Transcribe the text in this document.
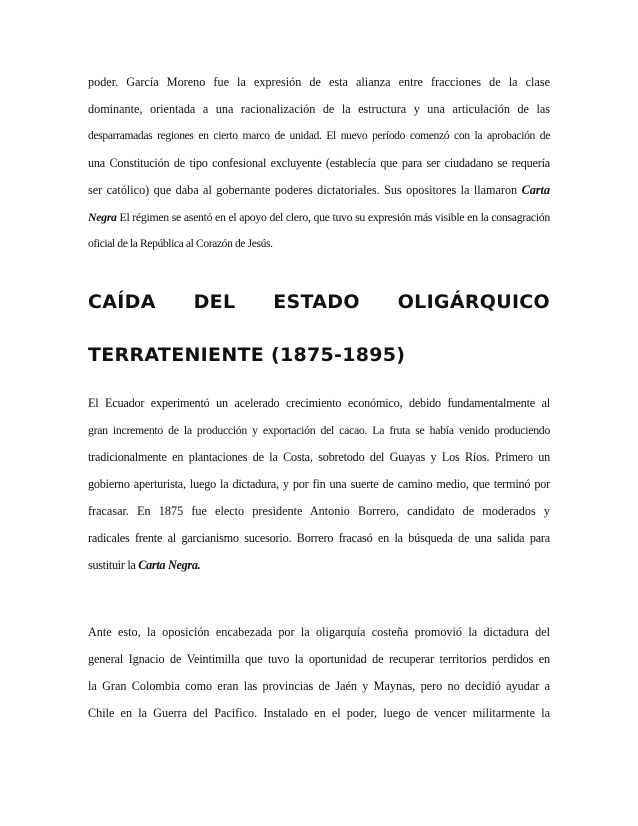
poder. García Moreno fue la expresión de esta alianza entre fracciones de la clase
dominante, orientada a una racionalización de la estructura y una articulación de las
desparramadas regiones en cierto marco de unidad. El nuevo período comenzó con la aprobación de
una Constitución de tipo confesional excluyente (establecía que para ser ciudadano se requería
ser católico) que daba al gobernante poderes dictatoriales. Sus opositores la llamaron Carta
Negra El régimen se asentó en el apoyo del clero, que tuvo su expresión más visible en la consagración
oficial de la República al Corazón de Jesús.
CAÍDA DEL ESTADO OLIGÁRQUICO
TERRATENIENTE (1875-1895)
El Ecuador experimentó un acelerado crecimiento económico, debido fundamentalmente al
gran incremento de la producción y exportación del cacao. La fruta se había venido produciendo
tradicionalmente en plantaciones de la Costa, sobretodo del Guayas y Los Ríos. Primero un
gobierno aperturista, luego la dictadura, y por fin una suerte de camino medio, que terminó por
fracasar. En 1875 fue electo presidente Antonio Borrero, candidato de moderados y
radicales frente al garcianismo sucesorio. Borrero fracasó en la búsqueda de una salida para
sustituir la Carta Negra.
Ante esto, la oposición encabezada por la oligarquía costeña promovió la dictadura del
general Ignacio de Veintimilla que tuvo la oportunidad de recuperar territorios perdidos en
la Gran Colombia como eran las provincias de Jaén y Maynas, pero no decidió ayudar a
Chile en la Guerra del Pacifico. Instalado en el poder, luego de vencer militarmente la
